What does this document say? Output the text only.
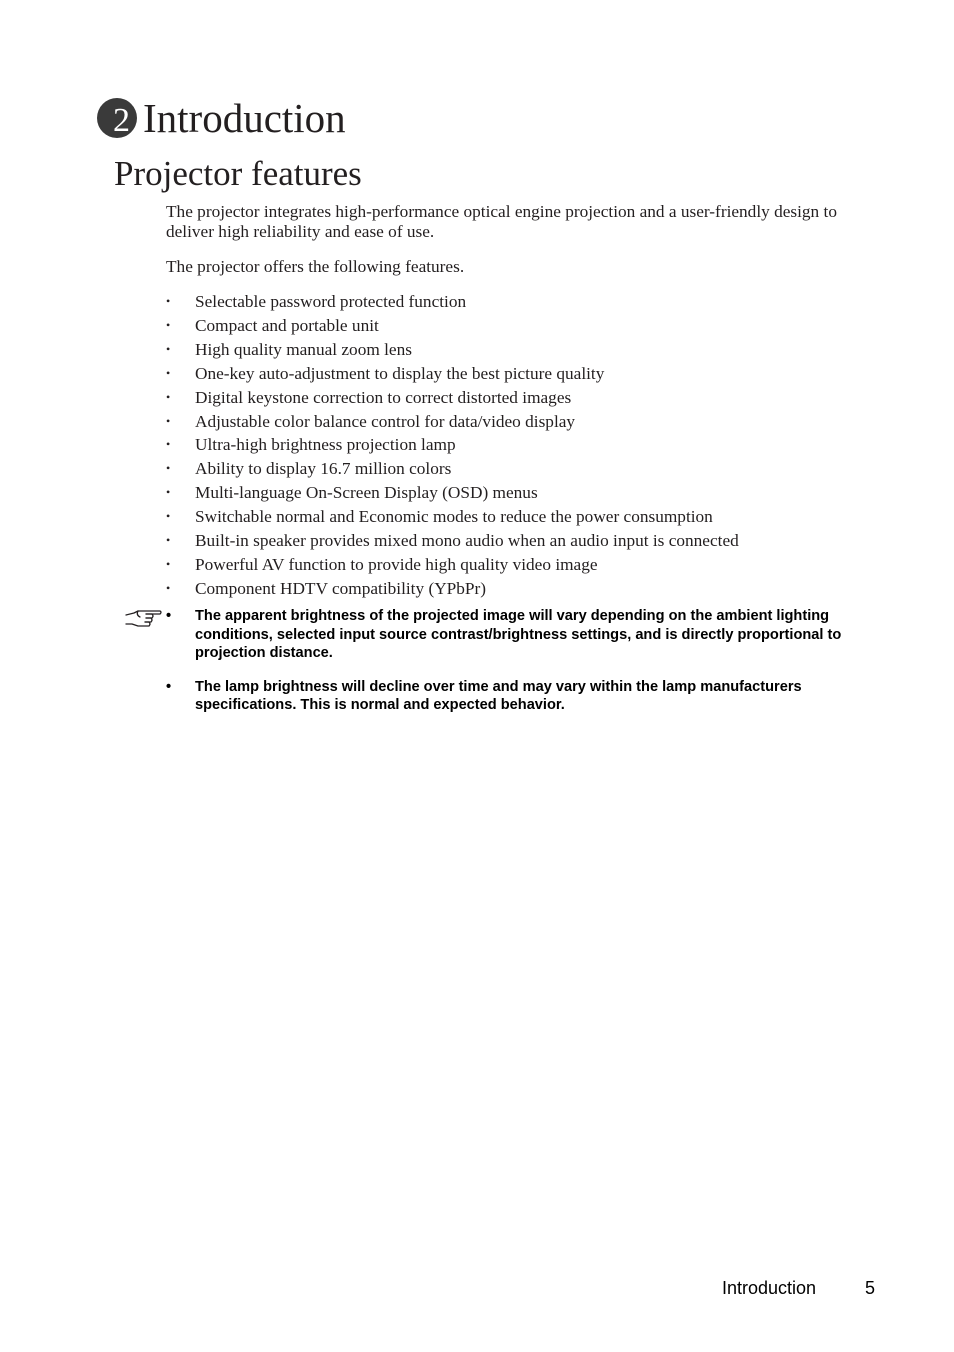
2 Introduction
Projector features

The projector integrates high-performance optical engine projection and a user-friendly design to deliver high reliability and ease of use.

The projector offers the following features.

• Selectable password protected function
• Compact and portable unit
• High quality manual zoom lens
• One-key auto-adjustment to display the best picture quality
• Digital keystone correction to correct distorted images
• Adjustable color balance control for data/video display
• Ultra-high brightness projection lamp
• Ability to display 16.7 million colors
• Multi-language On-Screen Display (OSD) menus
• Switchable normal and Economic modes to reduce the power consumption
• Built-in speaker provides mixed mono audio when an audio input is connected
• Powerful AV function to provide high quality video image
• Component HDTV compatibility (YPbPr)
• The apparent brightness of the projected image will vary depending on the ambient lighting conditions, selected input source contrast/brightness settings, and is directly proportional to projection distance.
• The lamp brightness will decline over time and may vary within the lamp manufacturers specifications. This is normal and expected behavior.
Introduction	5
